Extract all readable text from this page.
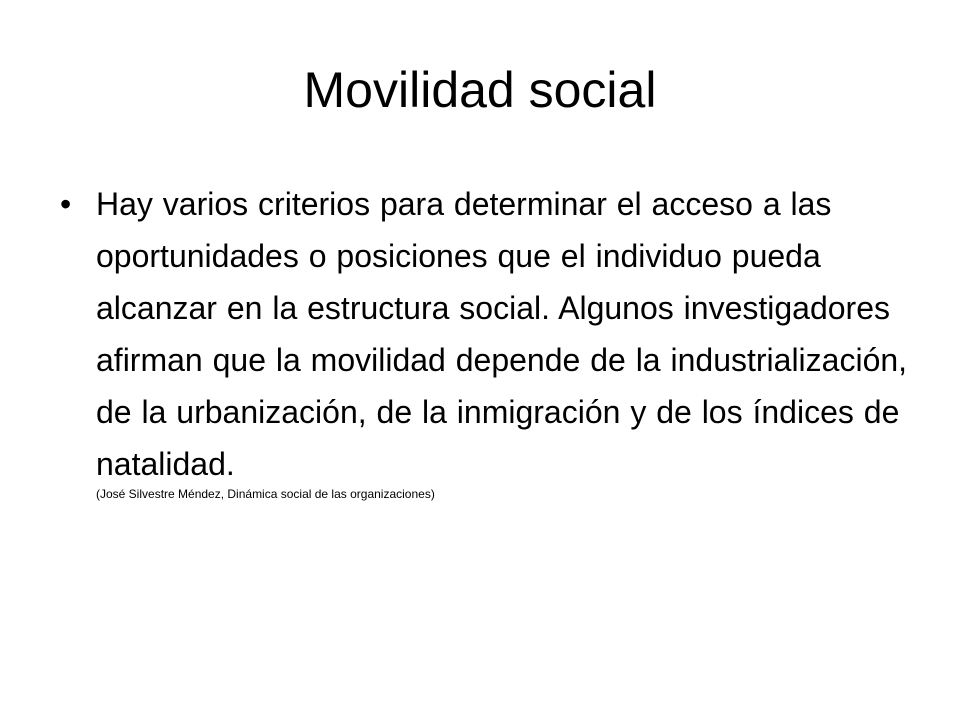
Movilidad social
• Hay varios criterios para determinar el acceso a las oportunidades o posiciones que el individuo pueda alcanzar en la estructura social. Algunos investigadores afirman que la movilidad depende de la industrialización, de la urbanización, de la inmigración y de los índices de natalidad.
(José Silvestre Méndez, Dinámica social de las organizaciones)
